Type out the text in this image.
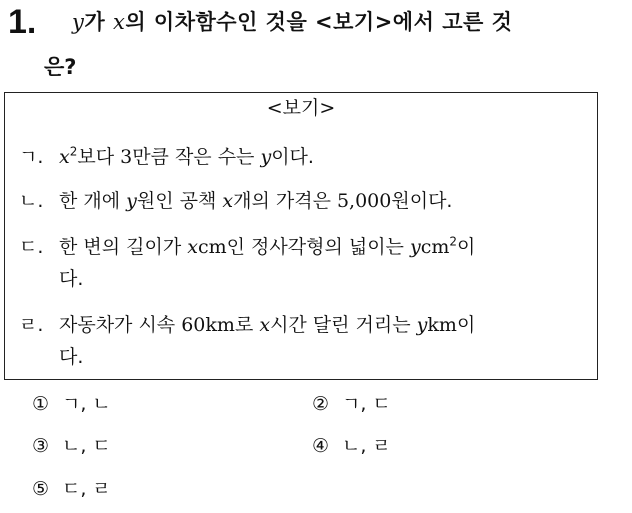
1. y가 x의 이차함수인 것을 <보기>에서 고른 것
은?
<보기>
ㄱ. $x^2$보다 3만큼 작은 수는 y이다.
ㄴ. 한 개에 y원인 공책 x개의 가격은 5,000원이다.
ㄷ. 한 변의 길이가 xcm인 정사각형의 넓이는 ycm$^2$이
다.
ㄹ. 자동차가 시속 60km로 x시간 달린 거리는 ykm이
다.
① ㄱ, ㄴ	② ㄱ, ㄷ
③ ㄴ, ㄷ	④ ㄴ, ㄹ
⑤ ㄷ, ㄹ
